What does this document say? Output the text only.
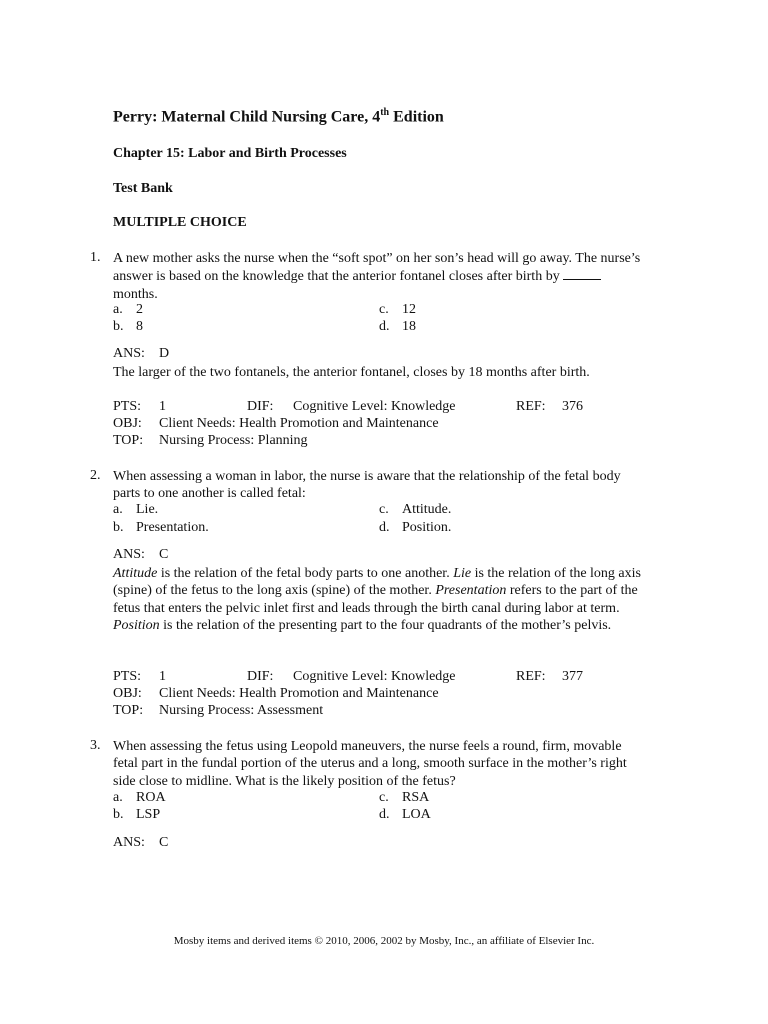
Perry: Maternal Child Nursing Care, 4th Edition
Chapter 15: Labor and Birth Processes
Test Bank
MULTIPLE CHOICE
1. A new mother asks the nurse when the “soft spot” on her son’s head will go away. The nurse’s answer is based on the knowledge that the anterior fontanel closes after birth by  months.
a. 2
b. 8
c. 12
d. 18
ANS: D
The larger of the two fontanels, the anterior fontanel, closes by 18 months after birth.
PTS: 1	DIF: Cognitive Level: Knowledge	REF: 376
OBJ: Client Needs: Health Promotion and Maintenance
TOP: Nursing Process: Planning
2. When assessing a woman in labor, the nurse is aware that the relationship of the fetal body parts to one another is called fetal:
a. Lie.
b. Presentation.
c. Attitude.
d. Position.
ANS: C
Attitude is the relation of the fetal body parts to one another. Lie is the relation of the long axis (spine) of the fetus to the long axis (spine) of the mother. Presentation refers to the part of the fetus that enters the pelvic inlet first and leads through the birth canal during labor at term. Position is the relation of the presenting part to the four quadrants of the mother’s pelvis.
PTS: 1	DIF: Cognitive Level: Knowledge	REF: 377
OBJ: Client Needs: Health Promotion and Maintenance
TOP: Nursing Process: Assessment
3. When assessing the fetus using Leopold maneuvers, the nurse feels a round, firm, movable fetal part in the fundal portion of the uterus and a long, smooth surface in the mother’s right side close to midline. What is the likely position of the fetus?
a. ROA
b. LSP
c. RSA
d. LOA
ANS: C
Mosby items and derived items © 2010, 2006, 2002 by Mosby, Inc., an affiliate of Elsevier Inc.
